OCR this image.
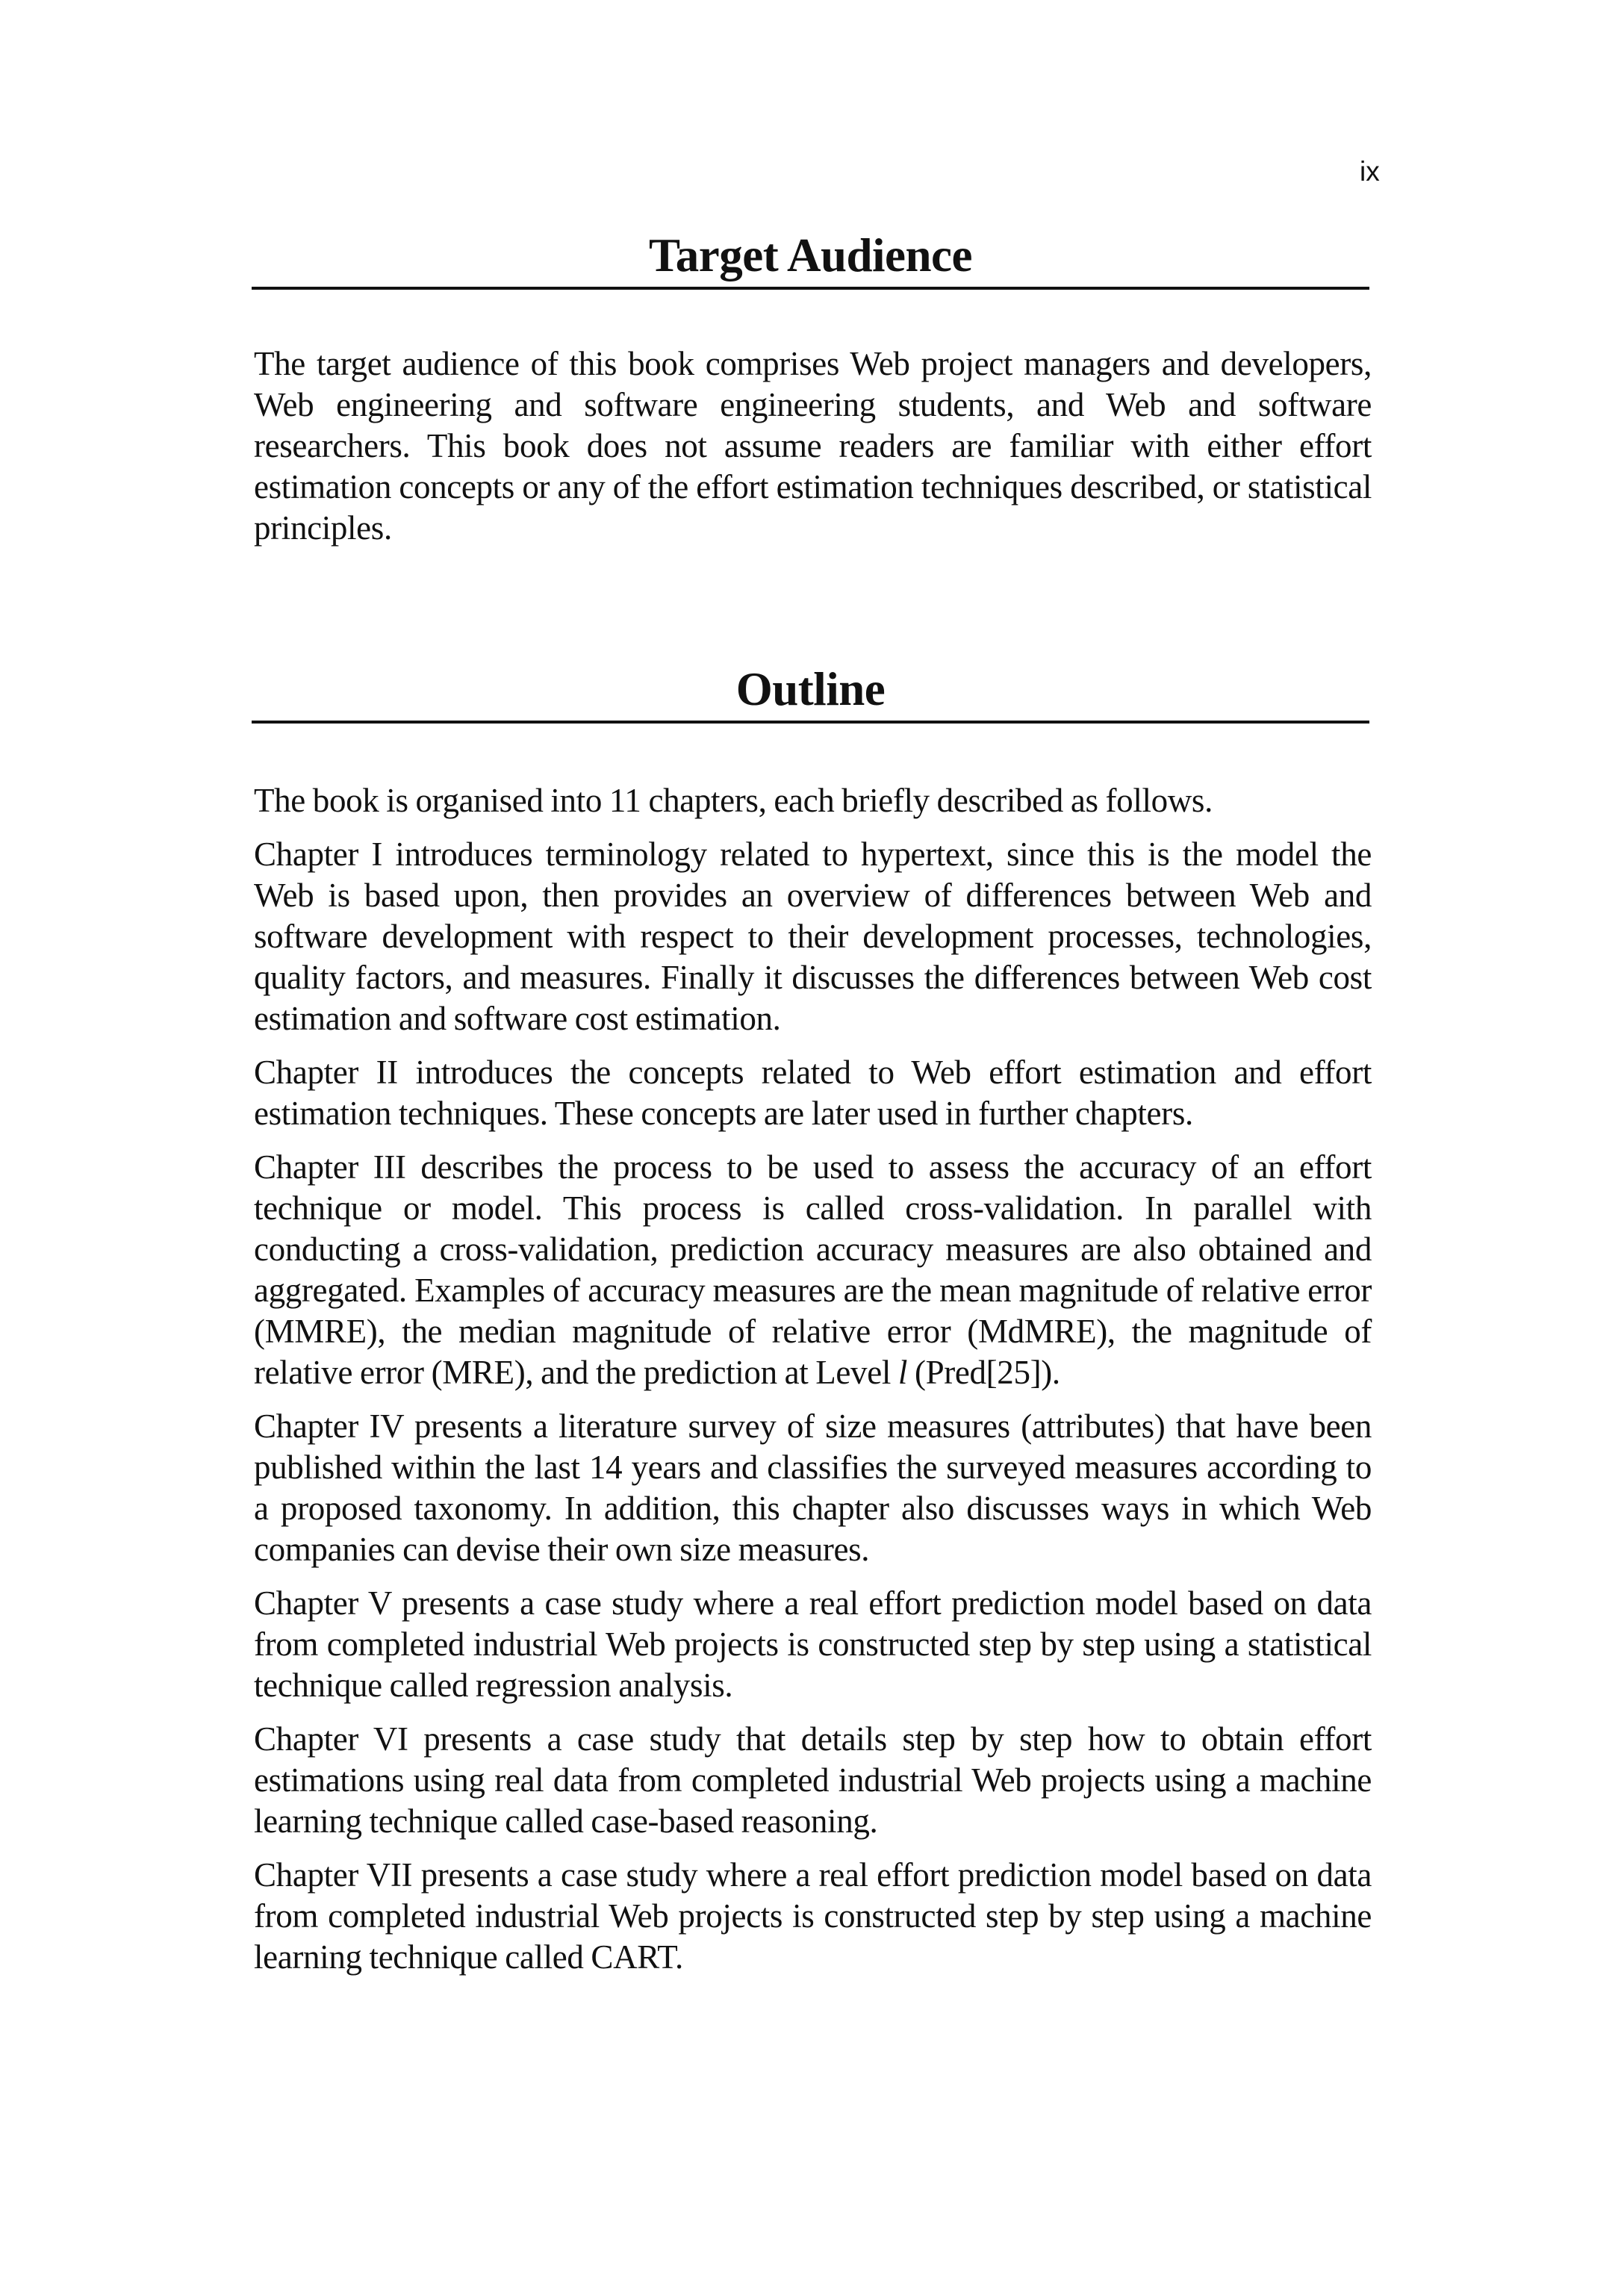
ix
Target Audience

The target audience of this book comprises Web project managers and developers, Web engineering and software engineering students, and Web and software researchers. This book does not assume readers are familiar with either effort estimation concepts or any of the effort estimation techniques described, or statistical principles.

Outline

The book is organised into 11 chapters, each briefly described as follows.

Chapter I introduces terminology related to hypertext, since this is the model the Web is based upon, then provides an overview of differences between Web and software development with respect to their development processes, technologies, quality factors, and measures. Finally it discusses the differences between Web cost estimation and software cost estimation.

Chapter II introduces the concepts related to Web effort estimation and effort estimation techniques. These concepts are later used in further chapters.

Chapter III describes the process to be used to assess the accuracy of an effort technique or model. This process is called cross-validation. In parallel with conducting a cross-validation, prediction accuracy measures are also obtained and aggregated. Examples of accuracy measures are the mean magnitude of relative error (MMRE), the median magnitude of relative error (MdMRE), the magnitude of relative error (MRE), and the prediction at Level l (Pred[25]).

Chapter IV presents a literature survey of size measures (attributes) that have been published within the last 14 years and classifies the surveyed measures according to a proposed taxonomy. In addition, this chapter also discusses ways in which Web companies can devise their own size measures.

Chapter V presents a case study where a real effort prediction model based on data from completed industrial Web projects is constructed step by step using a statistical technique called regression analysis.

Chapter VI presents a case study that details step by step how to obtain effort estimations using real data from completed industrial Web projects using a machine learning technique called case-based reasoning.

Chapter VII presents a case study where a real effort prediction model based on data from completed industrial Web projects is constructed step by step using a machine learning technique called CART.
